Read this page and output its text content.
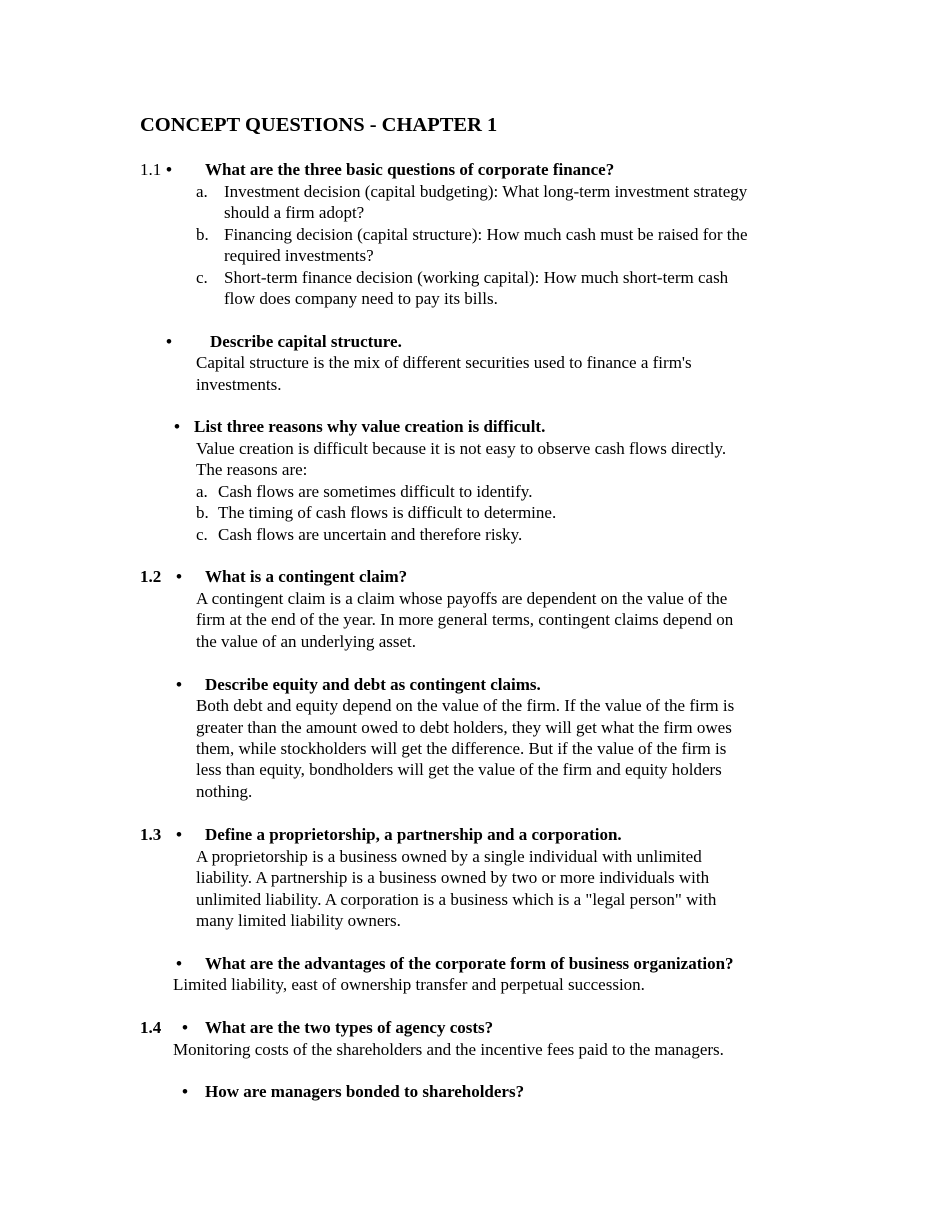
CONCEPT QUESTIONS - CHAPTER 1
1.1 • What are the three basic questions of corporate finance?
a. Investment decision (capital budgeting): What long-term investment strategy
should a firm adopt?
b. Financing decision (capital structure): How much cash must be raised for the
required investments?
c. Short-term finance decision (working capital): How much short-term cash
flow does company need to pay its bills.
• Describe capital structure.
Capital structure is the mix of different securities used to finance a firm's
investments.
• List three reasons why value creation is difficult.
Value creation is difficult because it is not easy to observe cash flows directly.
The reasons are:
a. Cash flows are sometimes difficult to identify.
b. The timing of cash flows is difficult to determine.
c. Cash flows are uncertain and therefore risky.
1.2 • What is a contingent claim?
A contingent claim is a claim whose payoffs are dependent on the value of the
firm at the end of the year. In more general terms, contingent claims depend on
the value of an underlying asset.
• Describe equity and debt as contingent claims.
Both debt and equity depend on the value of the firm. If the value of the firm is
greater than the amount owed to debt holders, they will get what the firm owes
them, while stockholders will get the difference. But if the value of the firm is
less than equity, bondholders will get the value of the firm and equity holders
nothing.
1.3 • Define a proprietorship, a partnership and a corporation.
A proprietorship is a business owned by a single individual with unlimited
liability. A partnership is a business owned by two or more individuals with
unlimited liability. A corporation is a business which is a "legal person" with
many limited liability owners.
• What are the advantages of the corporate form of business organization?
Limited liability, east of ownership transfer and perpetual succession.
1.4 • What are the two types of agency costs?
Monitoring costs of the shareholders and the incentive fees paid to the managers.
• How are managers bonded to shareholders?
